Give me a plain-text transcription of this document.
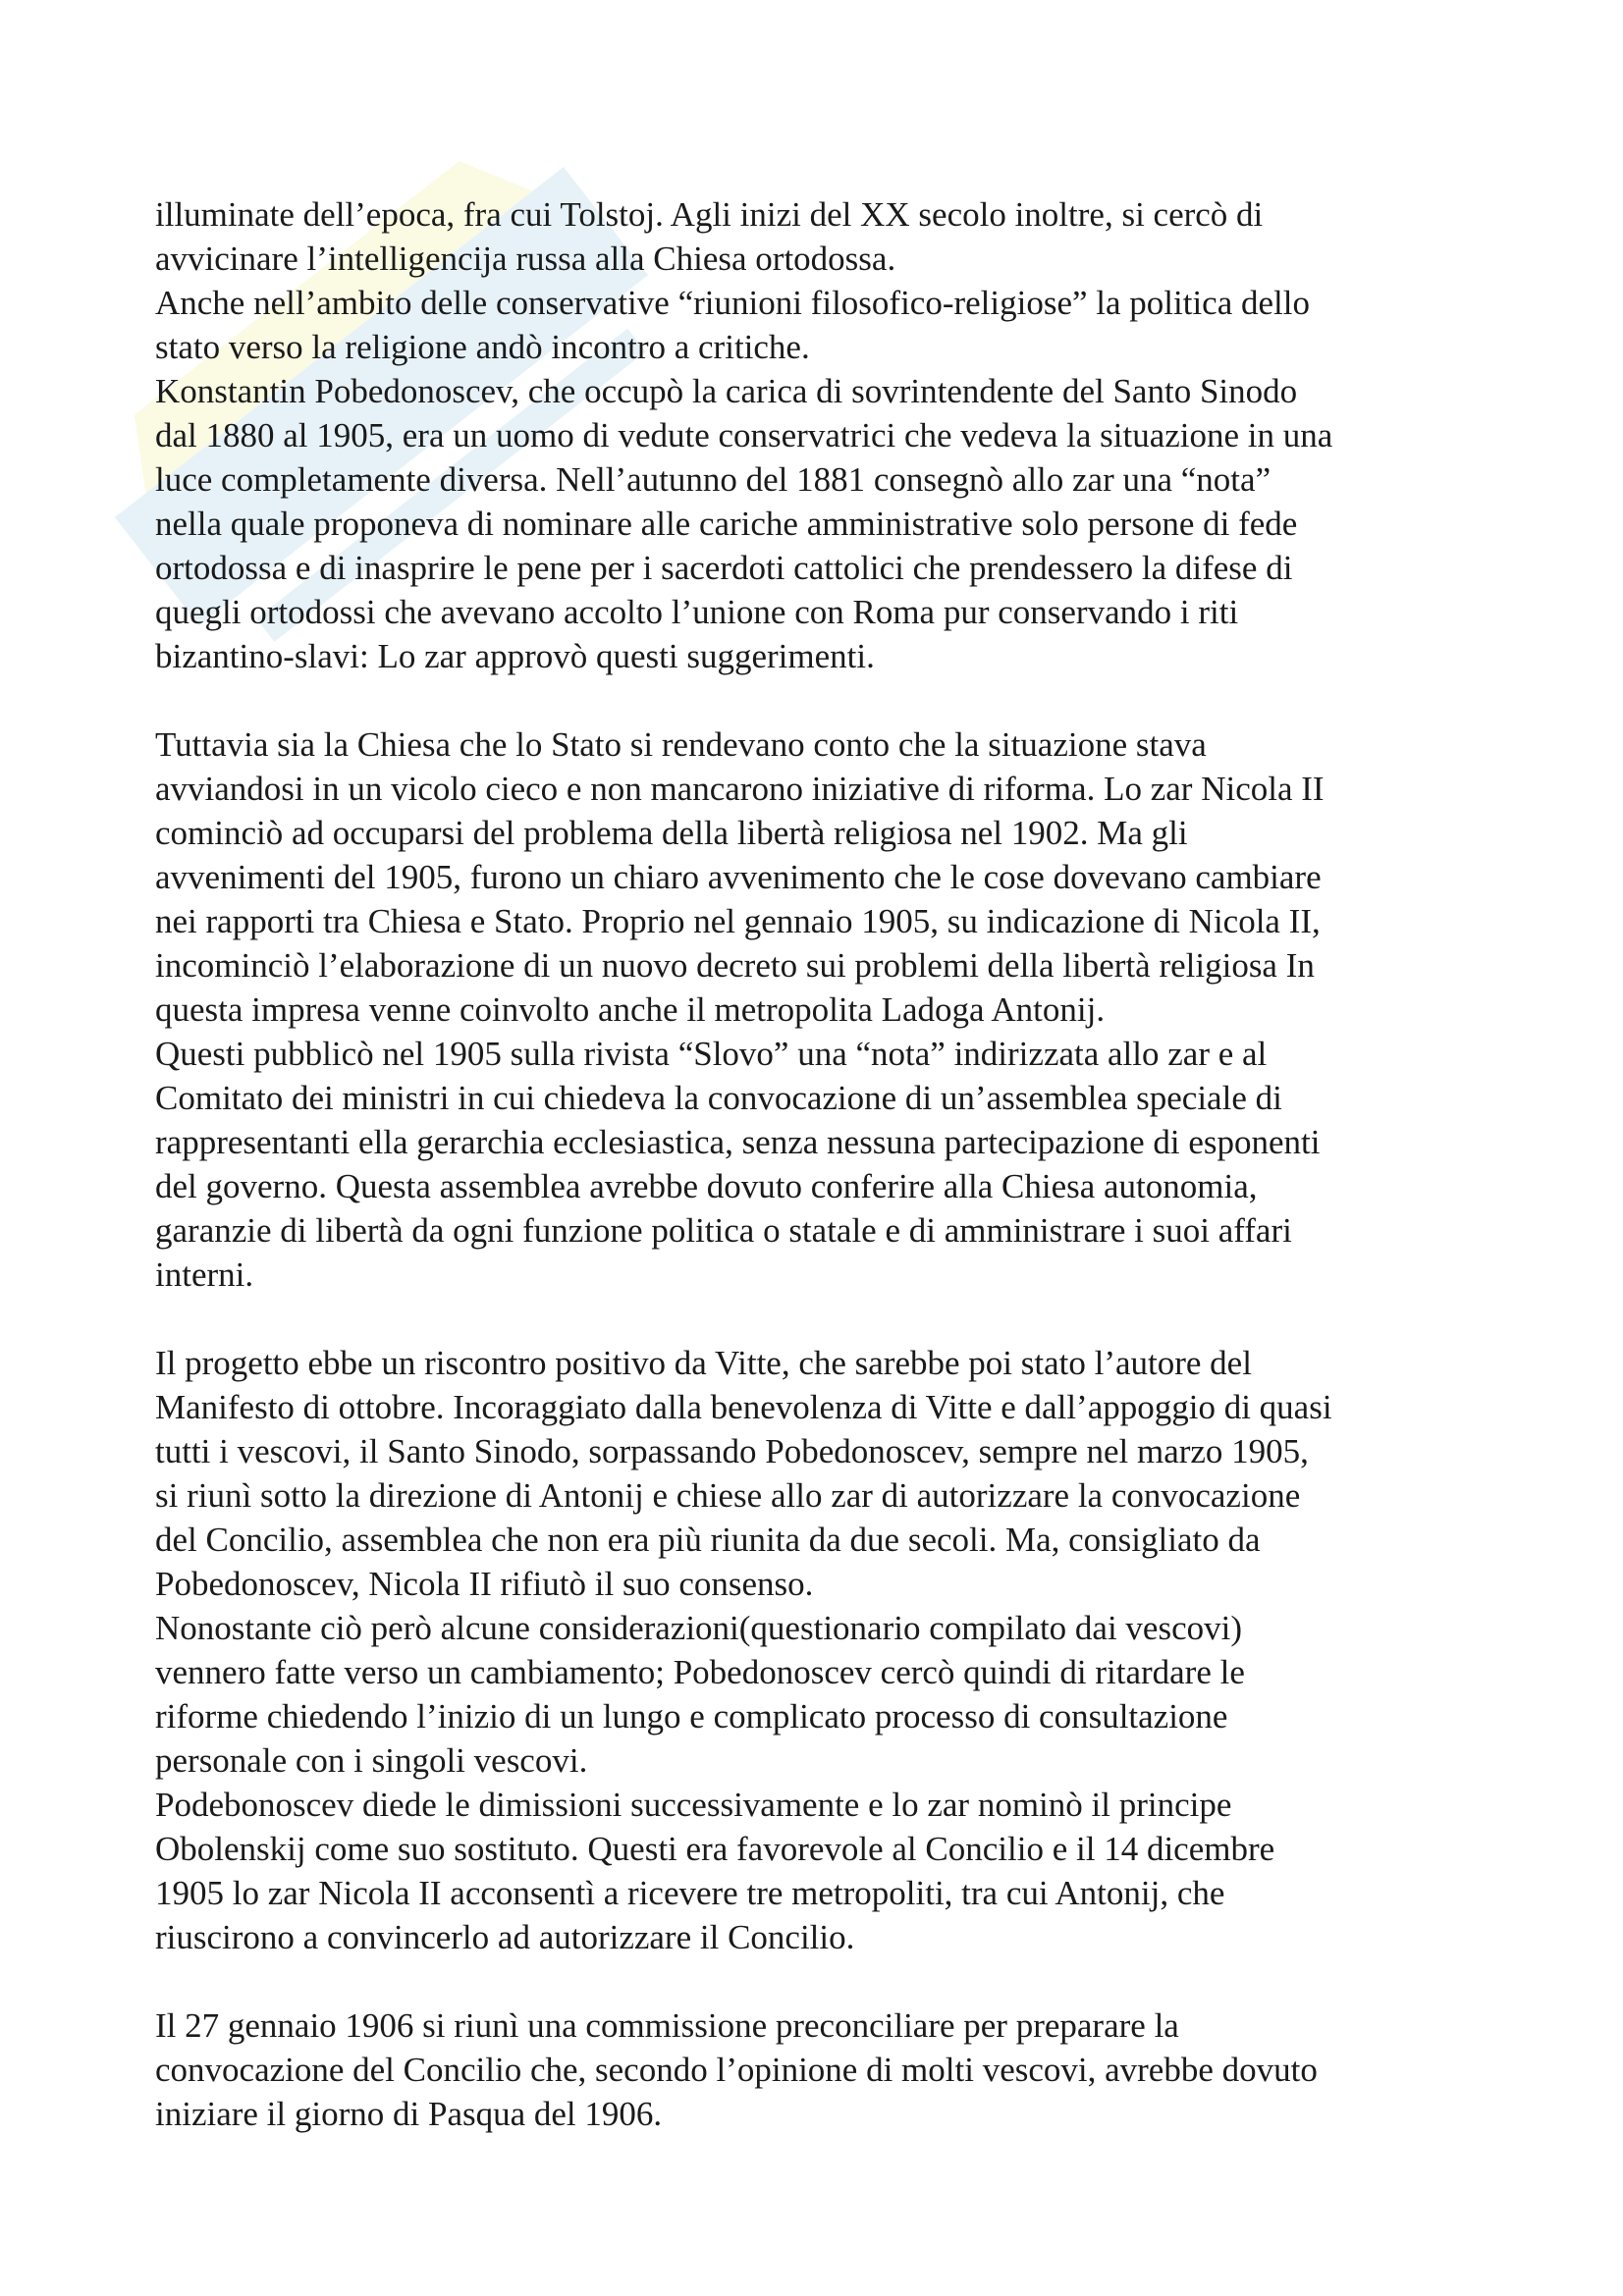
illuminate dell’epoca, fra cui Tolstoj. Agli inizi del XX secolo inoltre, si cercò di
avvicinare l’intelligencija russa alla Chiesa ortodossa.

Anche nell’ambito delle conservative “riunioni filosofico-religiose” la politica dello
stato verso la religione andò incontro a critiche.

Konstantin Pobedonoscev, che occupò la carica di sovrintendente del Santo Sinodo
dal 1880 al 1905, era un uomo di vedute conservatrici che vedeva la situazione in una
luce completamente diversa. Nell’autunno del 1881 consegnò allo zar una “nota”
nella quale proponeva di nominare alle cariche amministrative solo persone di fede
ortodossa e di inasprire le pene per i sacerdoti cattolici che prendessero la difese di
quegli ortodossi che avevano accolto l’unione con Roma pur conservando i riti
bizantino-slavi: Lo zar approvò questi suggerimenti.

Tuttavia sia la Chiesa che lo Stato si rendevano conto che la situazione stava
avviandosi in un vicolo cieco e non mancarono iniziative di riforma. Lo zar Nicola II
cominciò ad occuparsi del problema della libertà religiosa nel 1902. Ma gli
avvenimenti del 1905, furono un chiaro avvenimento che le cose dovevano cambiare
nei rapporti tra Chiesa e Stato. Proprio nel gennaio 1905, su indicazione di Nicola II,
incominciò l’elaborazione di un nuovo decreto sui problemi della libertà religiosa In
questa impresa venne coinvolto anche il metropolita Ladoga Antonij.

Questi pubblicò nel 1905 sulla rivista “Slovo” una “nota” indirizzata allo zar e al
Comitato dei ministri in cui chiedeva la convocazione di un’assemblea speciale di
rappresentanti ella gerarchia ecclesiastica, senza nessuna partecipazione di esponenti
del governo. Questa assemblea avrebbe dovuto conferire alla Chiesa autonomia,
garanzie di libertà da ogni funzione politica o statale e di amministrare i suoi affari
interni.

Il progetto ebbe un riscontro positivo da Vitte, che sarebbe poi stato l’autore del
Manifesto di ottobre. Incoraggiato dalla benevolenza di Vitte e dall’appoggio di quasi
tutti i vescovi, il Santo Sinodo, sorpassando Pobedonoscev, sempre nel marzo 1905,
si riunì sotto la direzione di Antonij e chiese allo zar di autorizzare la convocazione
del Concilio, assemblea che non era più riunita da due secoli. Ma, consigliato da
Pobedonoscev, Nicola II rifiutò il suo consenso.

Nonostante ciò però alcune considerazioni(questionario compilato dai vescovi)
vennero fatte verso un cambiamento; Pobedonoscev cercò quindi di ritardare le
riforme chiedendo l’inizio di un lungo e complicato processo di consultazione
personale con i singoli vescovi.

Podebonoscev diede le dimissioni successivamente e lo zar nominò il principe
Obolenskij come suo sostituto. Questi era favorevole al Concilio e il 14 dicembre
1905 lo zar Nicola II acconsentì a ricevere tre metropoliti, tra cui Antonij, che
riuscirono a convincerlo ad autorizzare il Concilio.

Il 27 gennaio 1906 si riunì una commissione preconciliare per preparare la
convocazione del Concilio che, secondo l’opinione di molti vescovi, avrebbe dovuto
iniziare il giorno di Pasqua del 1906.
